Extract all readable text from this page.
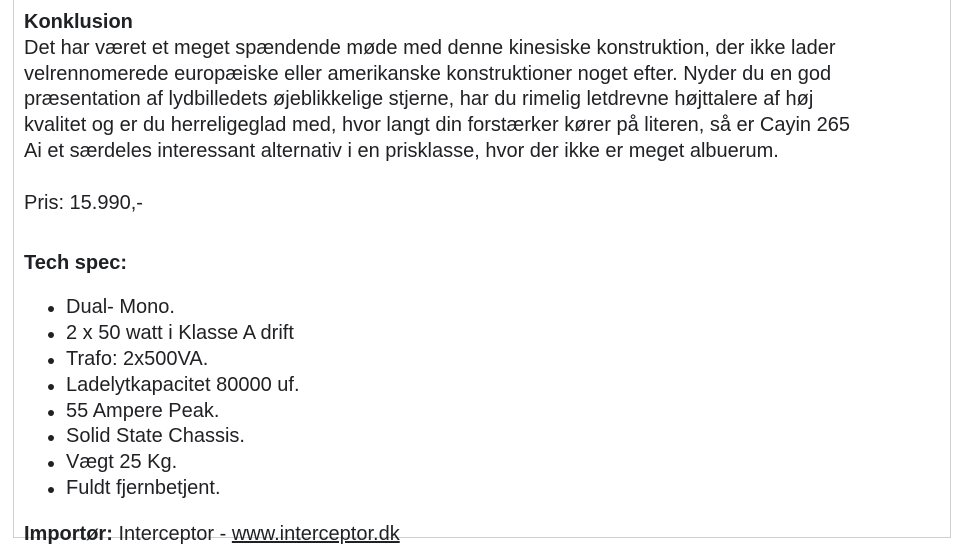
Konklusion
Det har været et meget spændende møde med denne kinesiske konstruktion, der ikke lader
velrennomerede europæiske eller amerikanske konstruktioner noget efter. Nyder du en god
præsentation af lydbilledets øjeblikkelige stjerne, har du rimelig letdrevne højttalere af høj
kvalitet og er du herreligeglad med, hvor langt din forstærker kører på literen, så er Cayin 265
Ai et særdeles interessant alternativ i en prisklasse, hvor der ikke er meget albuerum.
Pris: 15.990,-
Tech spec:
Dual- Mono.
2 x 50 watt i Klasse A drift
Trafo: 2x500VA.
Ladelytkapacitet 80000 uf.
55 Ampere Peak.
Solid State Chassis.
Vægt 25 Kg.
Fuldt fjernbetjent.
Importør: Interceptor - www.interceptor.dk
